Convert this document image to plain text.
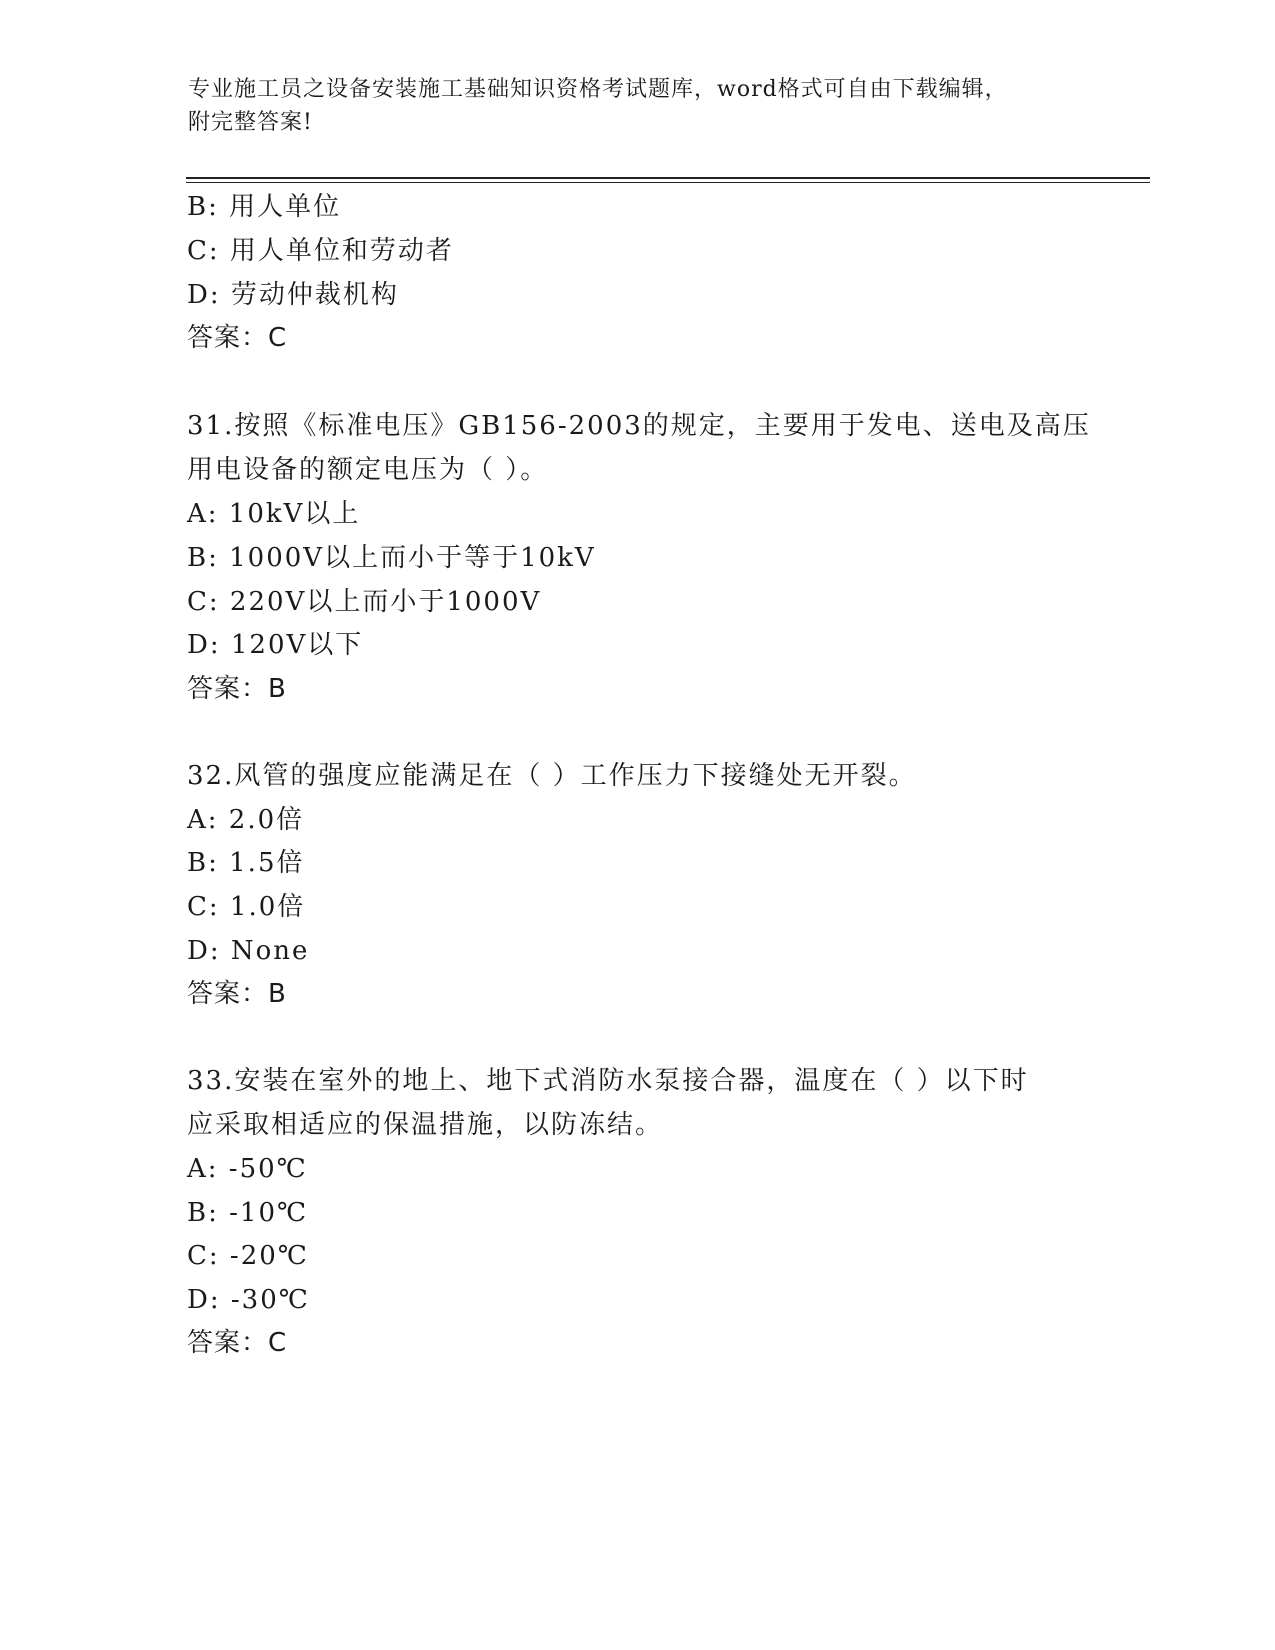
专业施工员之设备安装施工基础知识资格考试题库，word格式可自由下载编辑，
附完整答案!
B: 用人单位
C: 用人单位和劳动者
D: 劳动仲裁机构
答案：C
31.按照《标准电压》GB156-2003的规定，主要用于发电、送电及高压
用电设备的额定电压为（ ）。
A: 10kV以上
B: 1000V以上而小于等于10kV
C: 220V以上而小于1000V
D: 120V以下
答案：B
32.风管的强度应能满足在（ ）工作压力下接缝处无开裂。
A: 2.0倍
B: 1.5倍
C: 1.0倍
D: None
答案：B
33.安装在室外的地上、地下式消防水泵接合器，温度在（ ）以下时
应采取相适应的保温措施，以防冻结。
A: -50℃
B: -10℃
C: -20℃
D: -30℃
答案：C
